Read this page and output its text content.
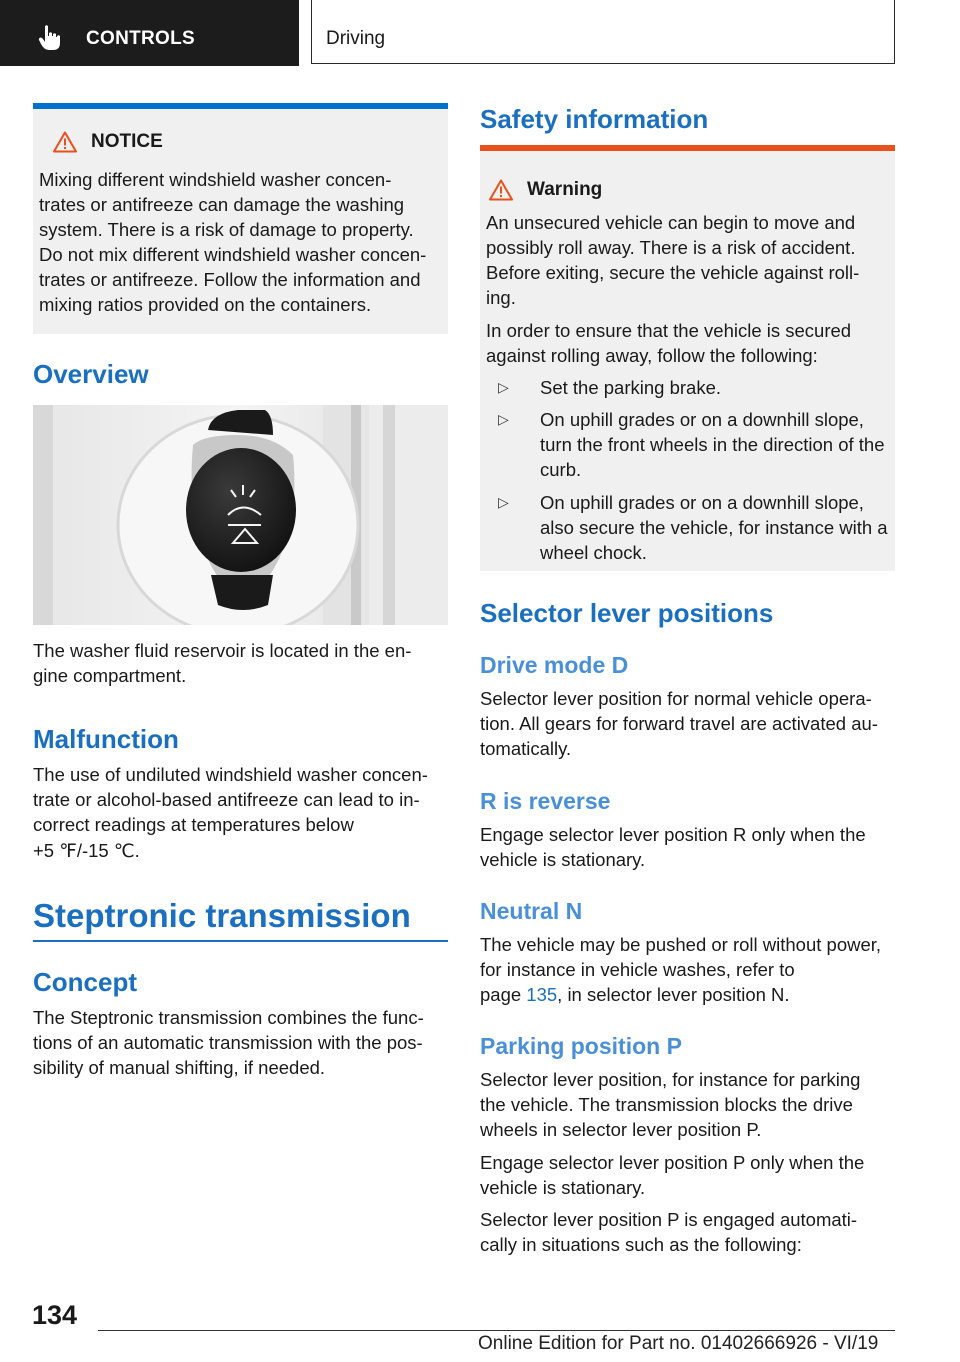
CONTROLS	Driving
NOTICE

Mixing different windshield washer concen-

trates or antifreeze can damage the washing

system. There is a risk of damage to property.

Do not mix different windshield washer concen-

trates or antifreeze. Follow the information and

mixing ratios provided on the containers.

Overview

The washer fluid reservoir is located in the en-
gine compartment.

Malfunction

The use of undiluted windshield washer concen-
trate or alcohol-based antifreeze can lead to in-
correct readings at temperatures below
+5 ℉/-15 ℃.

Steptronic transmission
Concept

The Steptronic transmission combines the func-
tions of an automatic transmission with the pos-
sibility of manual shifting, if needed.

Safety information
Warning

An unsecured vehicle can begin to move and

possibly roll away. There is a risk of accident.

Before exiting, secure the vehicle against roll-

ing.

In order to ensure that the vehicle is secured

against rolling away, follow the following:

▷ Set the parking brake.
▷ On uphill grades or on a downhill slope,
turn the front wheels in the direction of the
curb.
▷ On uphill grades or on a downhill slope,
also secure the vehicle, for instance with a
wheel chock.
Selector lever positions
Drive mode D

Selector lever position for normal vehicle opera-
tion. All gears for forward travel are activated au-
tomatically.

R is reverse

Engage selector lever position R only when the
vehicle is stationary.

Neutral N

The vehicle may be pushed or roll without power,
for instance in vehicle washes, refer to
page 135, in selector lever position N.

Parking position P

Selector lever position, for instance for parking
the vehicle. The transmission blocks the drive
wheels in selector lever position P.

Engage selector lever position P only when the
vehicle is stationary.

Selector lever position P is engaged automati-
cally in situations such as the following:

134
Online Edition for Part no. 01402666926 - VI/19
